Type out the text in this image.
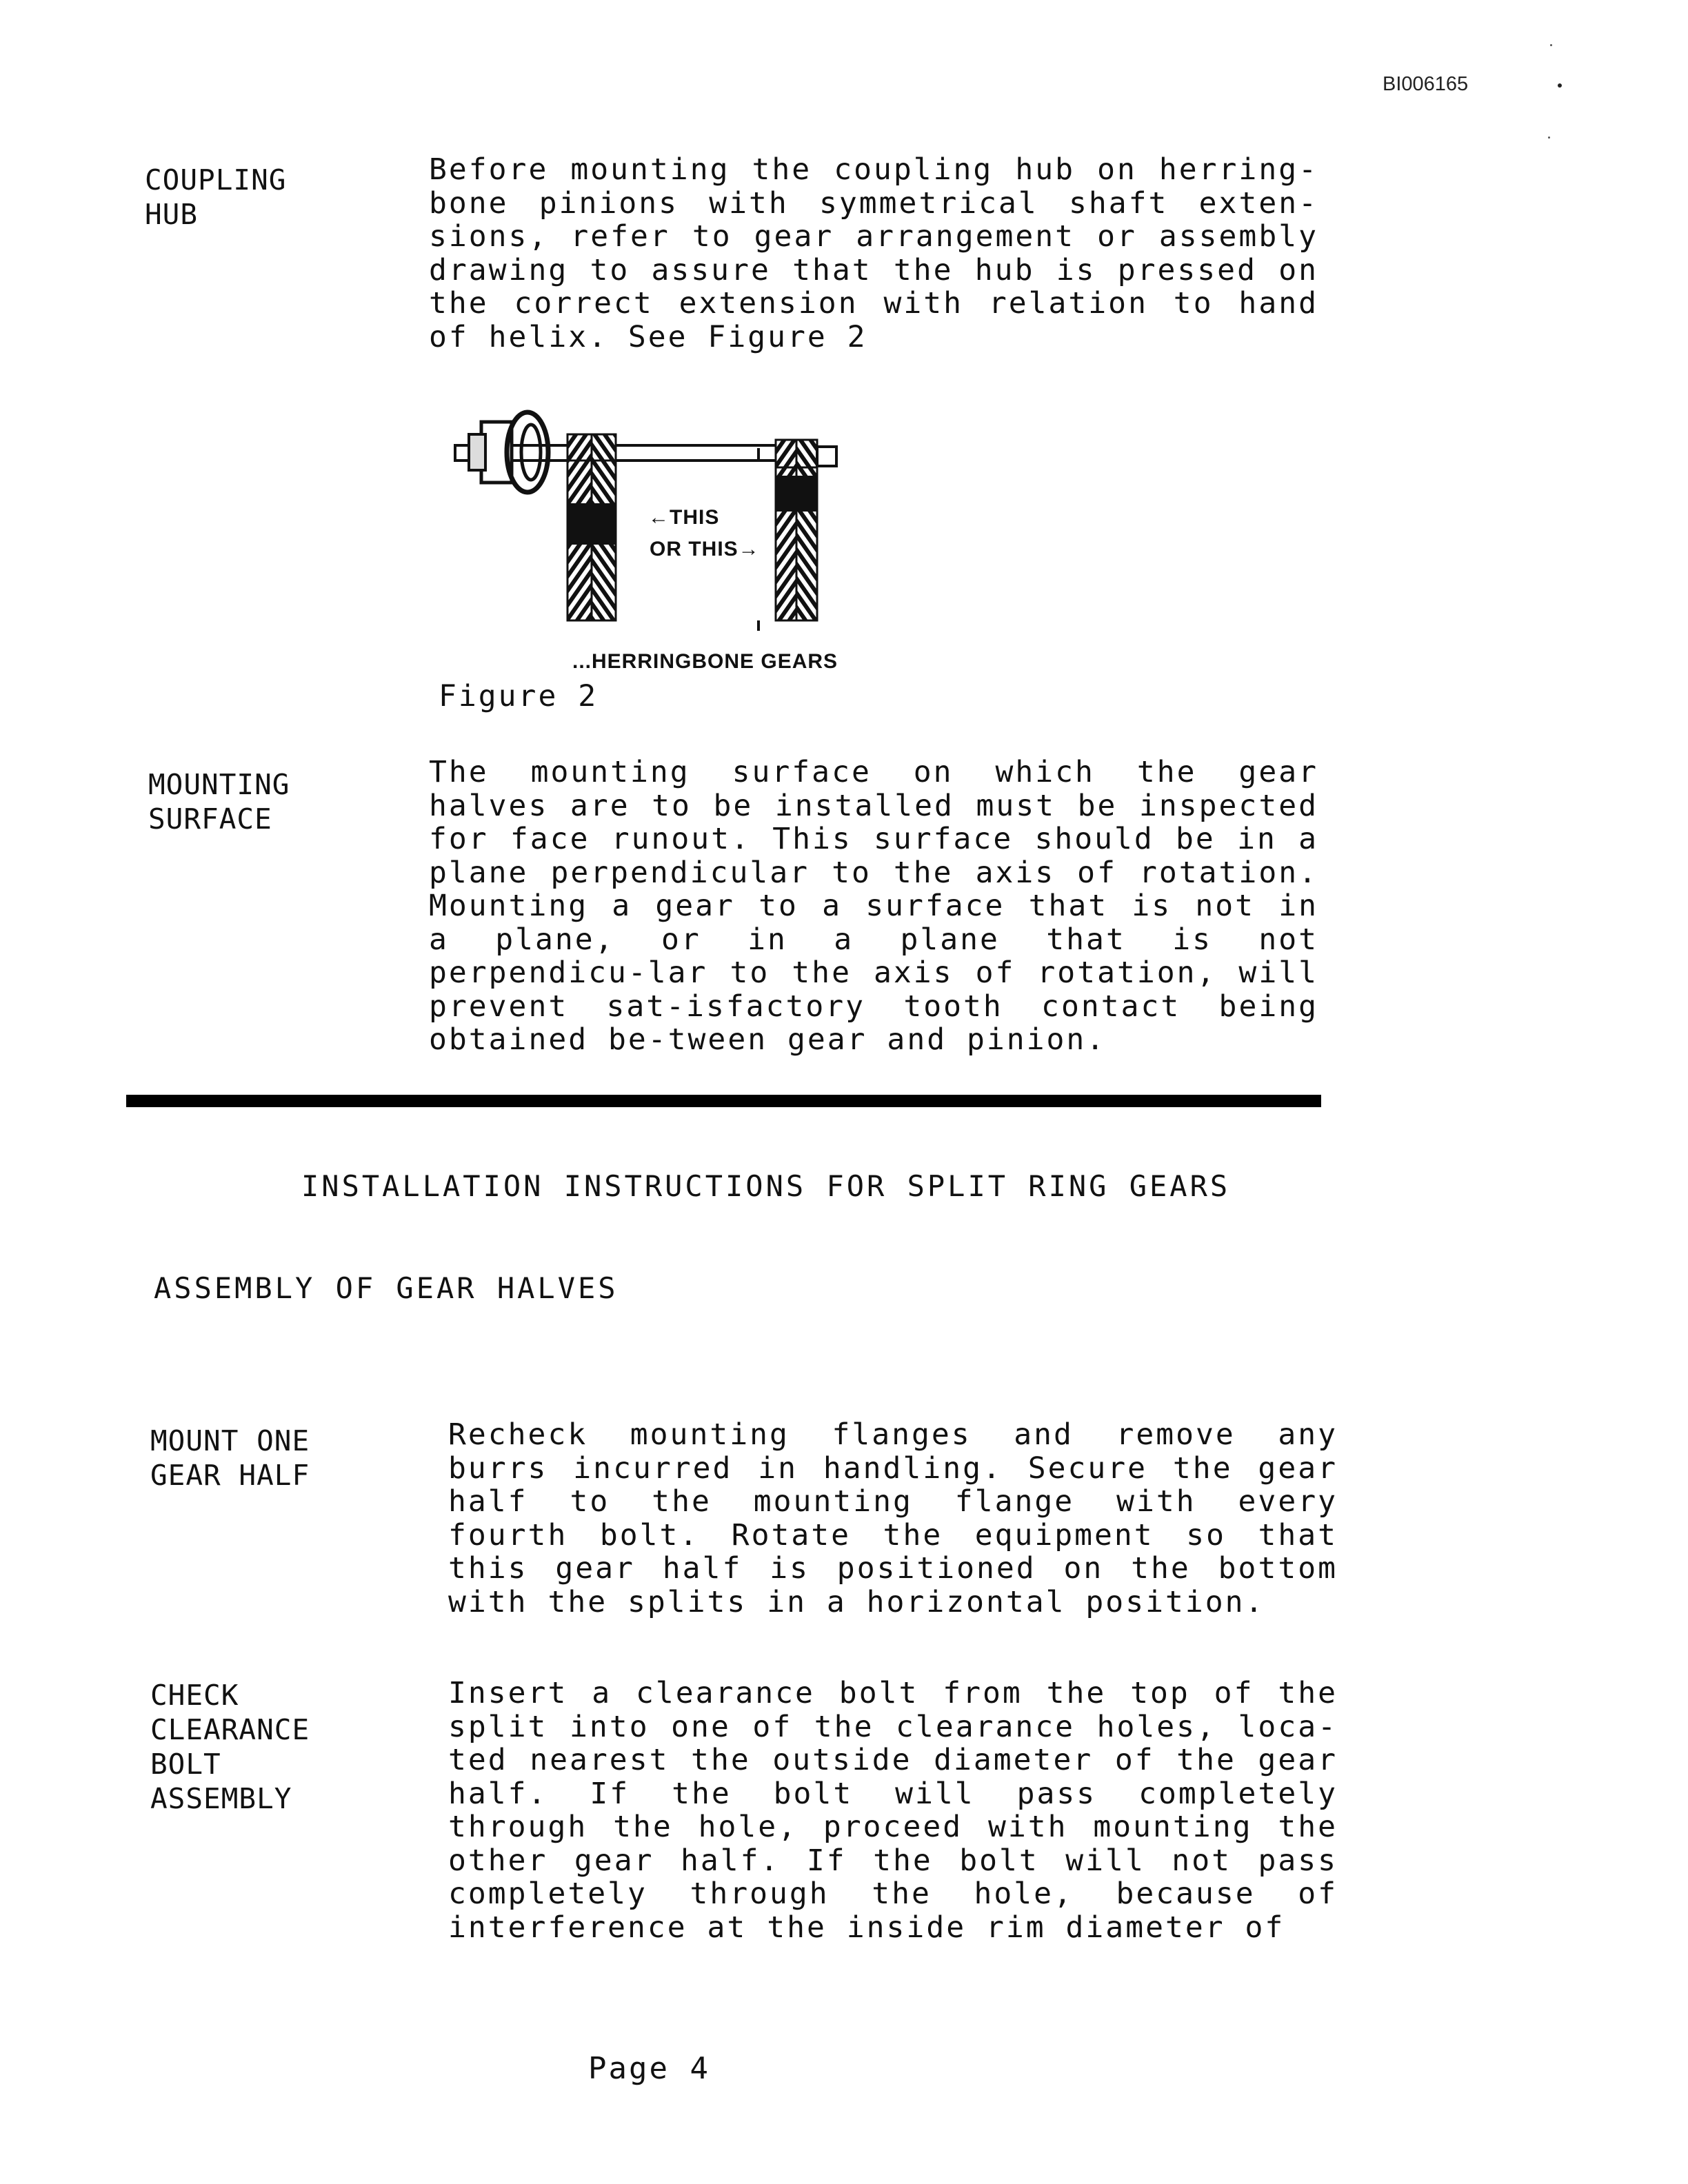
BI006165
COUPLING
HUB
Before mounting the coupling hub on herring-bone pinions with symmetrical shaft exten-sions, refer to gear arrangement or assembly drawing to assure that the hub is pressed on the correct extension with relation to hand of helix. See Figure 2
←THIS
OR THIS→
...HERRINGBONE GEARS
Figure 2
MOUNTING
SURFACE
The mounting surface on which the gear halves are to be installed must be inspected for face runout. This surface should be in a plane perpendicular to the axis of rotation. Mounting a gear to a surface that is not in a plane, or in a plane that is not perpendicu-lar to the axis of rotation, will prevent sat-isfactory tooth contact being obtained be-tween gear and pinion.
INSTALLATION INSTRUCTIONS FOR SPLIT RING GEARS
ASSEMBLY OF GEAR HALVES
MOUNT ONE
GEAR HALF
Recheck mounting flanges and remove any burrs incurred in handling. Secure the gear half to the mounting flange with every fourth bolt. Rotate the equipment so that this gear half is positioned on the bottom with the splits in a horizontal position.
CHECK
CLEARANCE
BOLT
ASSEMBLY
Insert a clearance bolt from the top of the split into one of the clearance holes, loca-ted nearest the outside diameter of the gear half. If the bolt will pass completely through the hole, proceed with mounting the other gear half. If the bolt will not pass completely through the hole, because of interference at the inside rim diameter of
Page 4
